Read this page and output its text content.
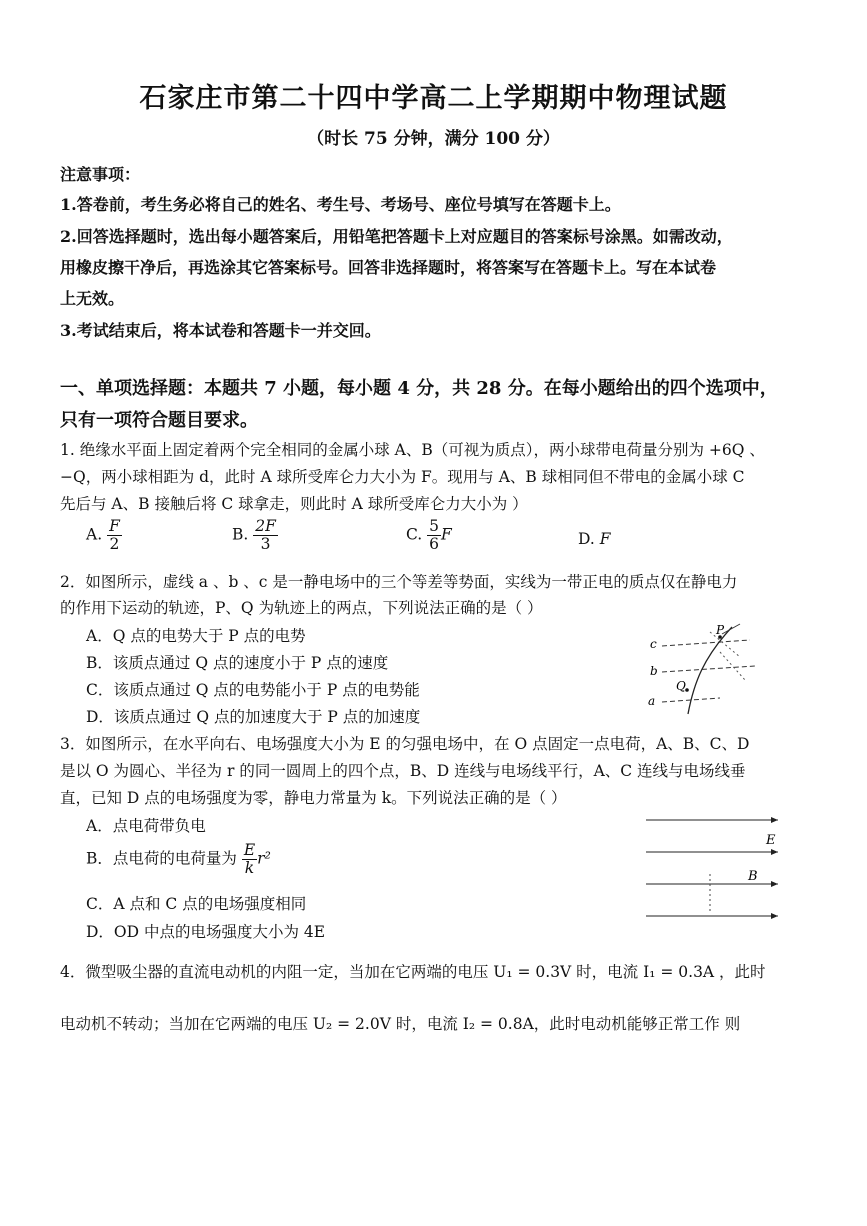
石家庄市第二十四中学高二上学期期中物理试题
（时长 75 分钟，满分 100 分）
注意事项：
1.答卷前，考生务必将自己的姓名、考生号、考场号、座位号填写在答题卡上。
2.回答选择题时，选出每小题答案后，用铅笔把答题卡上对应题目的答案标号涂黑。如需改动，
用橡皮擦干净后，再选涂其它答案标号。回答非选择题时，将答案写在答题卡上。写在本试卷
上无效。
3.考试结束后，将本试卷和答题卡一并交回。
一、单项选择题：本题共 7 小题，每小题 4 分，共 28 分。在每小题给出的四个选项中，
只有一项符合题目要求。
1. 绝缘水平面上固定着两个完全相同的金属小球 A、B（可视为质点），两小球带电荷量分别为 +6Q 、
−Q，两小球相距为 d，此时 A 球所受库仑力大小为 F。现用与 A、B 球相同但不带电的金属小球 C
先后与 A、B 接触后将 C 球拿走，则此时 A 球所受库仑力大小为 ）
A. $\frac{F}{2}$	B. $\frac{2F}{3}$	C. $\frac{5}{6}$ F	D. F
2．如图所示，虚线 a 、b 、c 是一静电场中的三个等差等势面，实线为一带正电的质点仅在静电力
的作用下运动的轨迹，P、Q 为轨迹上的两点，下列说法正确的是（ ）
A．Q 点的电势大于 P 点的电势
B．该质点通过 Q 点的速度小于 P 点的速度
C．该质点通过 Q 点的电势能小于 P 点的电势能
D．该质点通过 Q 点的加速度大于 P 点的加速度
c
b
a
P
Q
3．如图所示，在水平向右、电场强度大小为 E 的匀强电场中，在 O 点固定一点电荷，A、B、C、D
是以 O 为圆心、半径为 r 的同一圆周上的四个点，B、D 连线与电场线平行，A、C 连线与电场线垂
直，已知 D 点的电场强度为零，静电力常量为 k。下列说法正确的是（ ）
A．点电荷带负电
B．点电荷的电荷量为 $\frac{E}{k} r^2$
C．A 点和 C 点的电场强度相同
D．OD 中点的电场强度大小为 4E
E
B
4．微型吸尘器的直流电动机的内阻一定，当加在它两端的电压 U₁ = 0.3V 时，电流 I₁ = 0.3A ，此时
电动机不转动；当加在它两端的电压 U₂ = 2.0V 时，电流 I₂ = 0.8A，此时电动机能够正常工作 则
